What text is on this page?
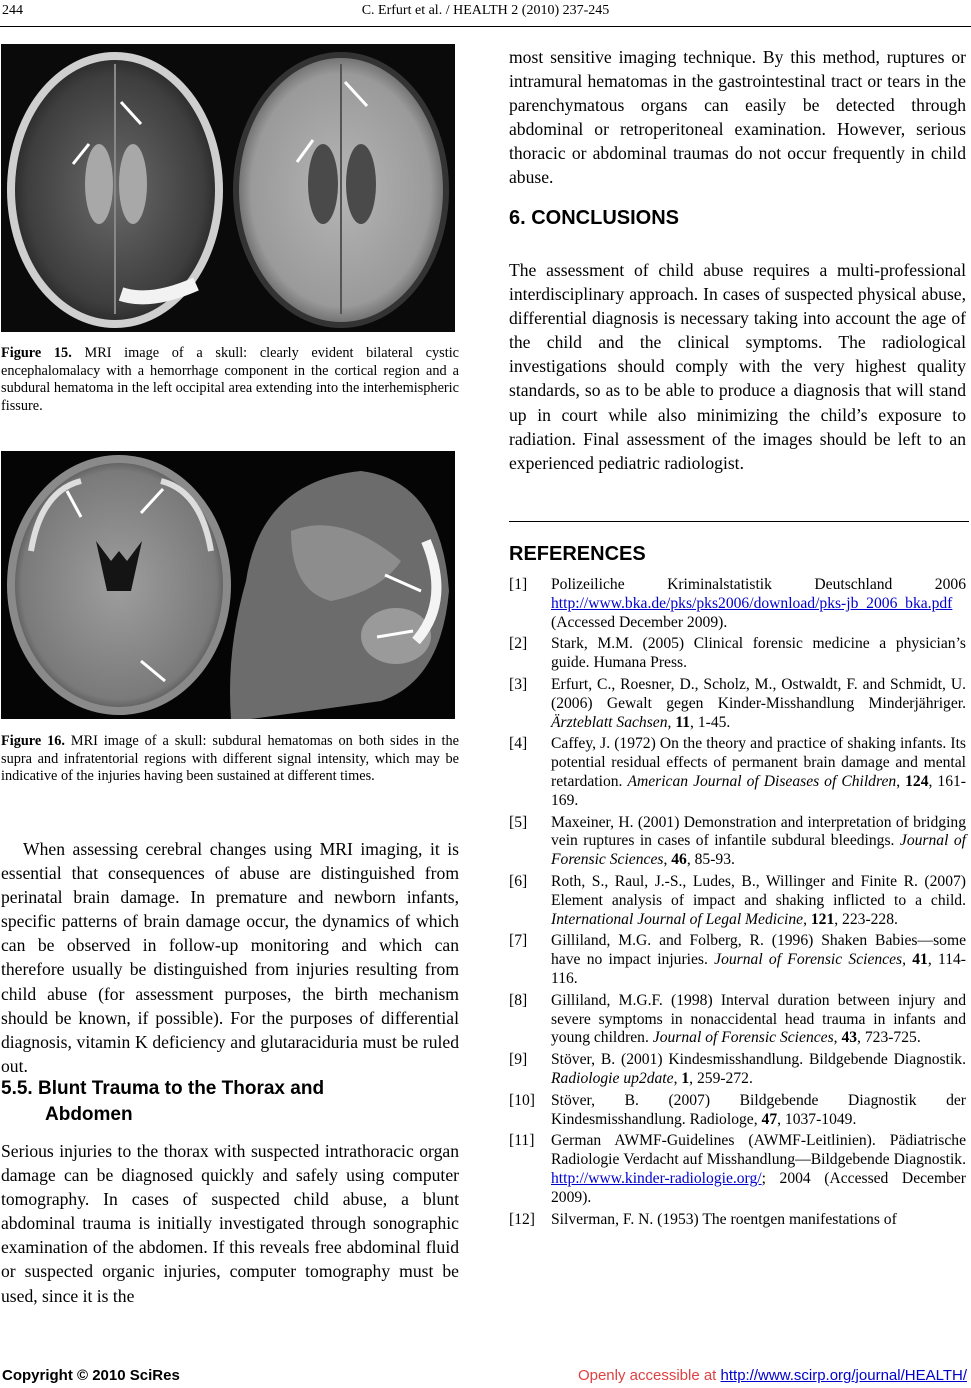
244	C. Erfurt et al. / HEALTH 2 (2010) 237-245
Figure 15. MRI image of a skull: clearly evident bilateral cystic encephalomalacy with a hemorrhage component in the cortical region and a subdural hematoma in the left occipital area extending into the interhemispheric fissure.
Figure 16. MRI image of a skull: subdural hematomas on both sides in the supra and infratentorial regions with different signal intensity, which may be indicative of the injuries having been sustained at different times.

When assessing cerebral changes using MRI imaging, it is essential that consequences of abuse are distinguished from perinatal brain damage. In premature and newborn infants, specific patterns of brain damage occur, the dynamics of which can be observed in follow-up monitoring and which can therefore usually be distinguished from injuries resulting from child abuse (for assessment purposes, the birth mechanism should be known, if possible). For the purposes of differential diagnosis, vitamin K deficiency and glutaraciduria must be ruled out.

5.5. Blunt Trauma to the Thorax and
Abdomen

Serious injuries to the thorax with suspected intrathoracic organ damage can be diagnosed quickly and safely using computer tomography. In cases of suspected child abuse, a blunt abdominal trauma is initially investigated through sonographic examination of the abdomen. If this reveals free abdominal fluid or suspected organic injuries, computer tomography must be used, since it is the

most sensitive imaging technique. By this method, ruptures or intramural hematomas in the gastrointestinal tract or tears in the parenchymatous organs can easily be detected through abdominal or retroperitoneal examination. However, serious thoracic or abdominal traumas do not occur frequently in child abuse.

6. CONCLUSIONS

The assessment of child abuse requires a multi-professional interdisciplinary approach. In cases of suspected physical abuse, differential diagnosis is necessary taking into account the age of the child and the clinical symptoms. The radiological investigations should comply with the very highest quality standards, so as to be able to produce a diagnosis that will stand up in court while also minimizing the child’s exposure to radiation. Final assessment of the images should be left to an experienced pediatric radiologist.

REFERENCES
[1] Polizeiliche Kriminalstatistik Deutschland 2006 http://www.bka.de/pks/pks2006/download/pks-jb_2006_bka.pdf (Accessed December 2009).
[2] Stark, M.M. (2005) Clinical forensic medicine a physician’s guide. Humana Press.
[3] Erfurt, C., Roesner, D., Scholz, M., Ostwaldt, F. and Schmidt, U. (2006) Gewalt gegen Kinder-Misshandlung Minderjähriger. Ärzteblatt Sachsen, 11, 1-45.
[4] Caffey, J. (1972) On the theory and practice of shaking infants. Its potential residual effects of permanent brain damage and mental retardation. American Journal of Diseases of Children, 124, 161-169.
[5] Maxeiner, H. (2001) Demonstration and interpretation of bridging vein ruptures in cases of infantile subdural bleedings. Journal of Forensic Sciences, 46, 85-93.
[6] Roth, S., Raul, J.-S., Ludes, B., Willinger and Finite R. (2007) Element analysis of impact and shaking inflicted to a child. International Journal of Legal Medicine, 121, 223-228.
[7] Gilliland, M.G. and Folberg, R. (1996) Shaken Babies—some have no impact injuries. Journal of Forensic Sciences, 41, 114-116.
[8] Gilliland, M.G.F. (1998) Interval duration between injury and severe symptoms in nonaccidental head trauma in infants and young children. Journal of Forensic Sciences, 43, 723-725.
[9] Stöver, B. (2001) Kindesmisshandlung. Bildgebende Diagnostik. Radiologie up2date, 1, 259-272.
[10] Stöver, B. (2007) Bildgebende Diagnostik der Kindesmisshandlung. Radiologe, 47, 1037-1049.
[11] German AWMF-Guidelines (AWMF-Leitlinien). Pädiatrische Radiologie Verdacht auf Misshandlung—Bildgebende Diagnostik. http://www.kinder-radiologie.org/; 2004 (Accessed December 2009).
[12] Silverman, F. N. (1953) The roentgen manifestations of
Copyright © 2010 SciRes	Openly accessible at http://www.scirp.org/journal/HEALTH/
